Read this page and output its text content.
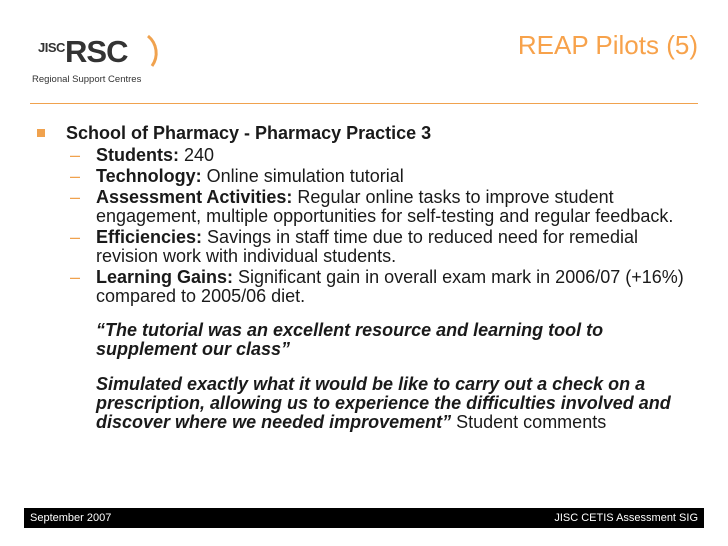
JISC RSC
Regional Support Centres
REAP Pilots (5)
School of Pharmacy - Pharmacy Practice 3
– Students: 240
– Technology: Online simulation tutorial
– Assessment Activities: Regular online tasks to improve student engagement, multiple opportunities for self-testing and regular feedback.
– Efficiencies: Savings in staff time due to reduced need for remedial revision work with individual students.
– Learning Gains: Significant gain in overall exam mark in 2006/07 (+16%) compared to 2005/06 diet.
“The tutorial was an excellent resource and learning tool to supplement our class”
Simulated exactly what it would be like to carry out a check on a prescription, allowing us to experience the difficulties involved and discover where we needed improvement” Student comments
September 2007	JISC CETIS Assessment SIG
